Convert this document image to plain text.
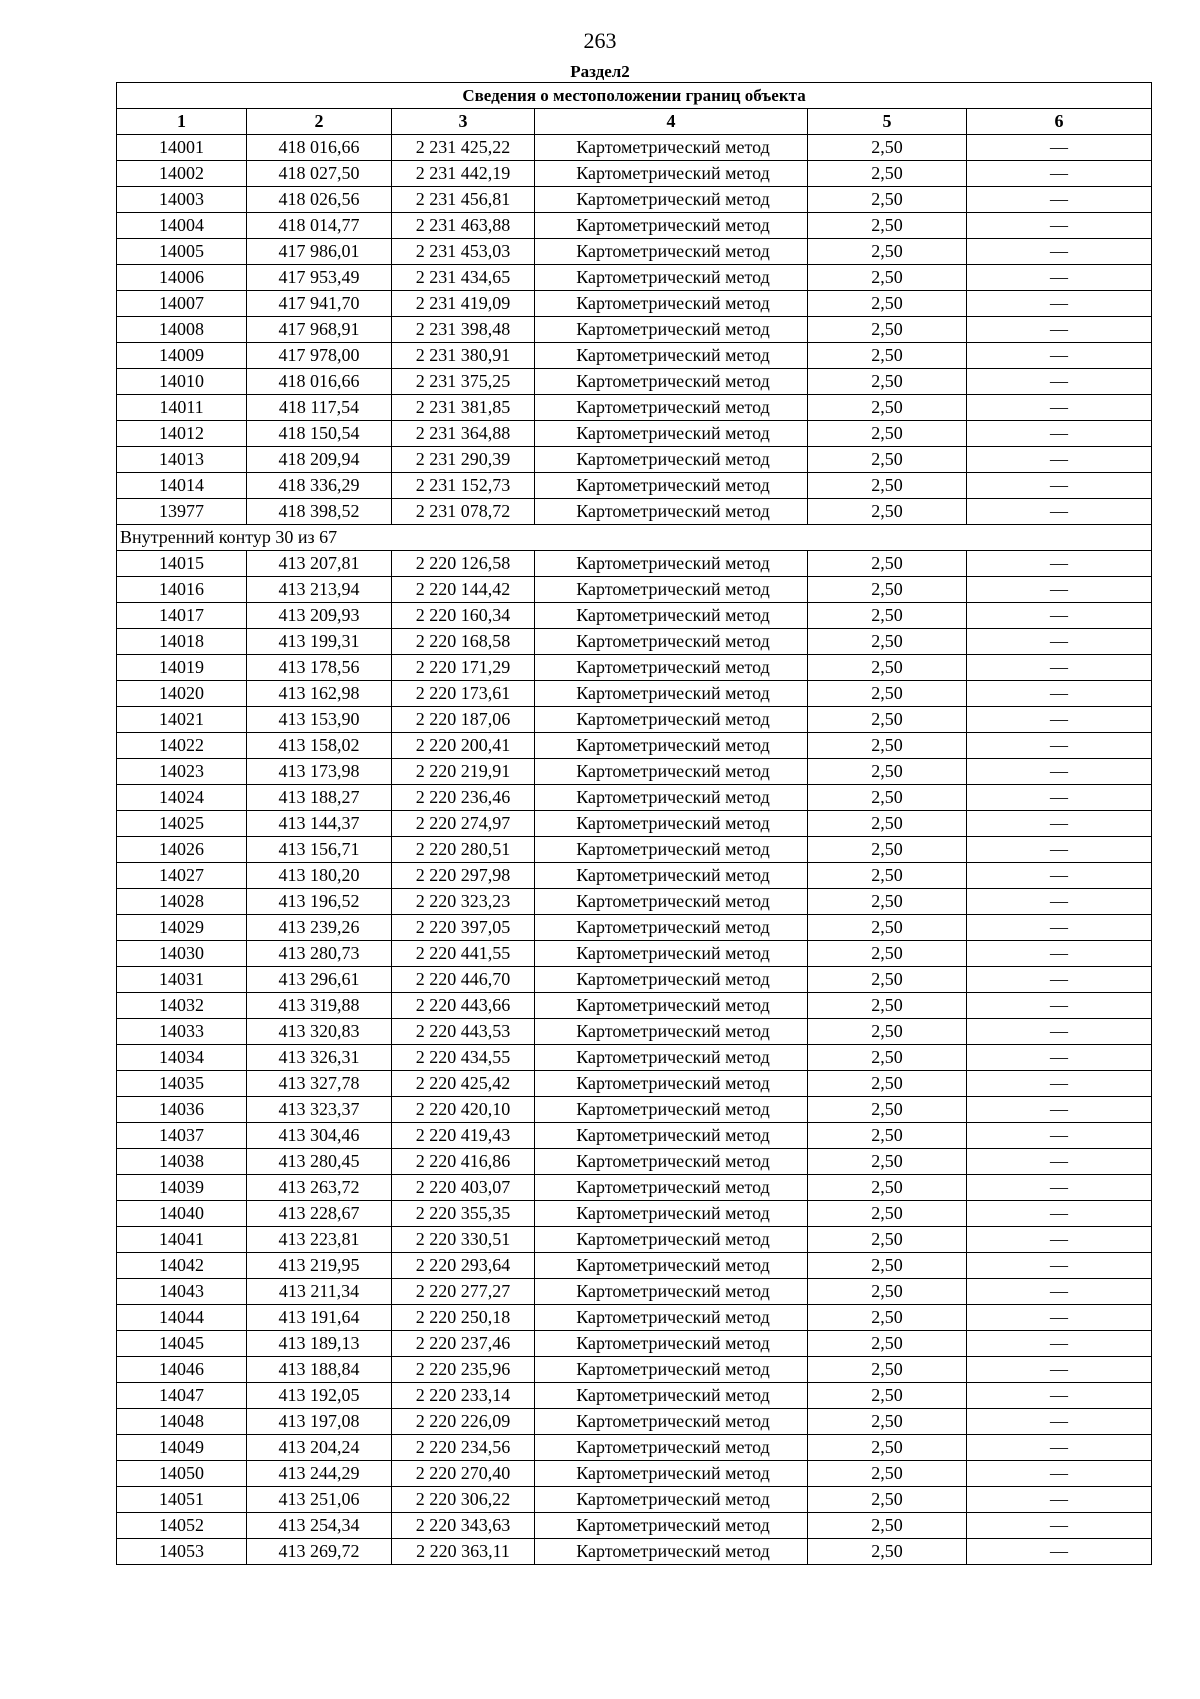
263
Раздел2
Сведения о местоположении границ объекта					
1	2	3	4	5	6
14001	418 016,66	2 231 425,22	Картометрический метод	2,50	—
14002	418 027,50	2 231 442,19	Картометрический метод	2,50	—
14003	418 026,56	2 231 456,81	Картометрический метод	2,50	—
14004	418 014,77	2 231 463,88	Картометрический метод	2,50	—
14005	417 986,01	2 231 453,03	Картометрический метод	2,50	—
14006	417 953,49	2 231 434,65	Картометрический метод	2,50	—
14007	417 941,70	2 231 419,09	Картометрический метод	2,50	—
14008	417 968,91	2 231 398,48	Картометрический метод	2,50	—
14009	417 978,00	2 231 380,91	Картометрический метод	2,50	—
14010	418 016,66	2 231 375,25	Картометрический метод	2,50	—
14011	418 117,54	2 231 381,85	Картометрический метод	2,50	—
14012	418 150,54	2 231 364,88	Картометрический метод	2,50	—
14013	418 209,94	2 231 290,39	Картометрический метод	2,50	—
14014	418 336,29	2 231 152,73	Картометрический метод	2,50	—
13977	418 398,52	2 231 078,72	Картометрический метод	2,50	—
Внутренний контур 30 из 67					
14015	413 207,81	2 220 126,58	Картометрический метод	2,50	—
14016	413 213,94	2 220 144,42	Картометрический метод	2,50	—
14017	413 209,93	2 220 160,34	Картометрический метод	2,50	—
14018	413 199,31	2 220 168,58	Картометрический метод	2,50	—
14019	413 178,56	2 220 171,29	Картометрический метод	2,50	—
14020	413 162,98	2 220 173,61	Картометрический метод	2,50	—
14021	413 153,90	2 220 187,06	Картометрический метод	2,50	—
14022	413 158,02	2 220 200,41	Картометрический метод	2,50	—
14023	413 173,98	2 220 219,91	Картометрический метод	2,50	—
14024	413 188,27	2 220 236,46	Картометрический метод	2,50	—
14025	413 144,37	2 220 274,97	Картометрический метод	2,50	—
14026	413 156,71	2 220 280,51	Картометрический метод	2,50	—
14027	413 180,20	2 220 297,98	Картометрический метод	2,50	—
14028	413 196,52	2 220 323,23	Картометрический метод	2,50	—
14029	413 239,26	2 220 397,05	Картометрический метод	2,50	—
14030	413 280,73	2 220 441,55	Картометрический метод	2,50	—
14031	413 296,61	2 220 446,70	Картометрический метод	2,50	—
14032	413 319,88	2 220 443,66	Картометрический метод	2,50	—
14033	413 320,83	2 220 443,53	Картометрический метод	2,50	—
14034	413 326,31	2 220 434,55	Картометрический метод	2,50	—
14035	413 327,78	2 220 425,42	Картометрический метод	2,50	—
14036	413 323,37	2 220 420,10	Картометрический метод	2,50	—
14037	413 304,46	2 220 419,43	Картометрический метод	2,50	—
14038	413 280,45	2 220 416,86	Картометрический метод	2,50	—
14039	413 263,72	2 220 403,07	Картометрический метод	2,50	—
14040	413 228,67	2 220 355,35	Картометрический метод	2,50	—
14041	413 223,81	2 220 330,51	Картометрический метод	2,50	—
14042	413 219,95	2 220 293,64	Картометрический метод	2,50	—
14043	413 211,34	2 220 277,27	Картометрический метод	2,50	—
14044	413 191,64	2 220 250,18	Картометрический метод	2,50	—
14045	413 189,13	2 220 237,46	Картометрический метод	2,50	—
14046	413 188,84	2 220 235,96	Картометрический метод	2,50	—
14047	413 192,05	2 220 233,14	Картометрический метод	2,50	—
14048	413 197,08	2 220 226,09	Картометрический метод	2,50	—
14049	413 204,24	2 220 234,56	Картометрический метод	2,50	—
14050	413 244,29	2 220 270,40	Картометрический метод	2,50	—
14051	413 251,06	2 220 306,22	Картометрический метод	2,50	—
14052	413 254,34	2 220 343,63	Картометрический метод	2,50	—
14053	413 269,72	2 220 363,11	Картометрический метод	2,50	—
